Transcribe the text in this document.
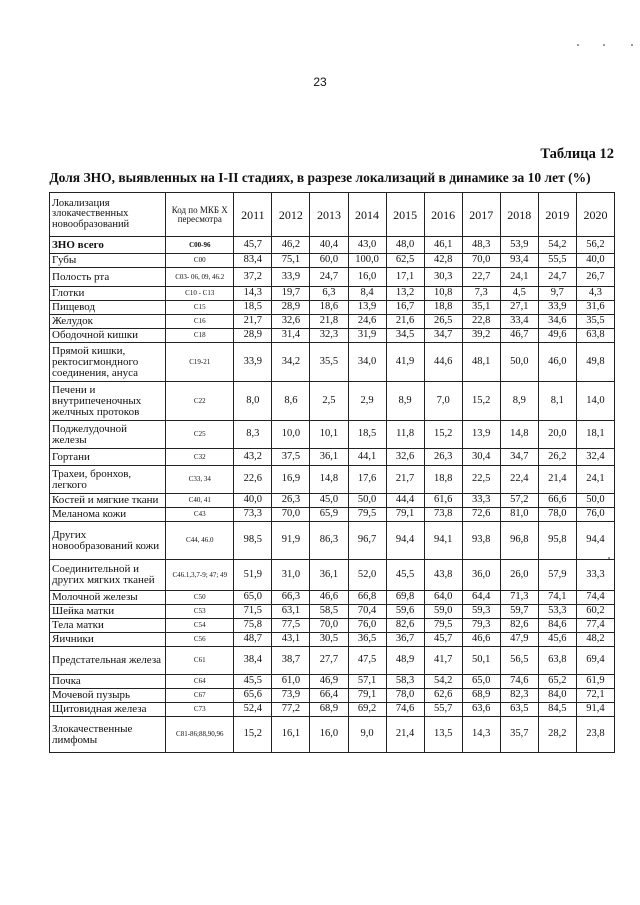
23
Таблица 12
Доля ЗНО, выявленных на I-II стадиях, в разрезе локализаций в динамике за 10 лет (%)
Локализация злокачественных новообразований	Код по МКБ Х пересмотра	2011	2012	2013	2014	2015	2016	2017	2018	2019	2020
ЗНО всего	С00-96	45,7	46,2	40,4	43,0	48,0	46,1	48,3	53,9	54,2	56,2
Губы	С00	83,4	75,1	60,0	100,0	62,5	42,8	70,0	93,4	55,5	40,0
Полость рта	С03- 06, 09, 46.2	37,2	33,9	24,7	16,0	17,1	30,3	22,7	24,1	24,7	26,7
Глотки	С10 - С13	14,3	19,7	6,3	8,4	13,2	10,8	7,3	4,5	9,7	4,3
Пищевод	С15	18,5	28,9	18,6	13,9	16,7	18,8	35,1	27,1	33,9	31,6
Желудок	С16	21,7	32,6	21,8	24,6	21,6	26,5	22,8	33,4	34,6	35,5
Ободочной кишки	С18	28,9	31,4	32,3	31,9	34,5	34,7	39,2	46,7	49,6	63,8
Прямой кишки, ректосигмондного соединения, ануса	С19-21	33,9	34,2	35,5	34,0	41,9	44,6	48,1	50,0	46,0	49,8
Печени и внутрипеченочных желчных протоков	С22	8,0	8,6	2,5	2,9	8,9	7,0	15,2	8,9	8,1	14,0
Поджелудочной железы	С25	8,3	10,0	10,1	18,5	11,8	15,2	13,9	14,8	20,0	18,1
Гортани	С32	43,2	37,5	36,1	44,1	32,6	26,3	30,4	34,7	26,2	32,4
Трахеи, бронхов, легкого	С33, 34	22,6	16,9	14,8	17,6	21,7	18,8	22,5	22,4	21,4	24,1
Костей и мягкие ткани	С40, 41	40,0	26,3	45,0	50,0	44,4	61,6	33,3	57,2	66,6	50,0
Меланома кожи	С43	73,3	70,0	65,9	79,5	79,1	73,8	72,6	81,0	78,0	76,0
Других новообразований кожи	С44, 46.0	98,5	91,9	86,3	96,7	94,4	94,1	93,8	96,8	95,8	94,4
Соединительной и других мягких тканей	С46.1,3,7-9; 47; 49	51,9	31,0	36,1	52,0	45,5	43,8	36,0	26,0	57,9	33,3
Молочной железы	С50	65,0	66,3	46,6	66,8	69,8	64,0	64,4	71,3	74,1	74,4
Шейка матки	С53	71,5	63,1	58,5	70,4	59,6	59,0	59,3	59,7	53,3	60,2
Тела матки	С54	75,8	77,5	70,0	76,0	82,6	79,5	79,3	82,6	84,6	77,4
Яичники	С56	48,7	43,1	30,5	36,5	36,7	45,7	46,6	47,9	45,6	48,2
Предстательная железа	С61	38,4	38,7	27,7	47,5	48,9	41,7	50,1	56,5	63,8	69,4
Почка	С64	45,5	61,0	46,9	57,1	58,3	54,2	65,0	74,6	65,2	61,9
Мочевой пузырь	С67	65,6	73,9	66,4	79,1	78,0	62,6	68,9	82,3	84,0	72,1
Щитовидная железа	С73	52,4	77,2	68,9	69,2	74,6	55,7	63,6	63,5	84,5	91,4
Злокачественные лимфомы	С81-86;88,90,96	15,2	16,1	16,0	9,0	21,4	13,5	14,3	35,7	28,2	23,8
